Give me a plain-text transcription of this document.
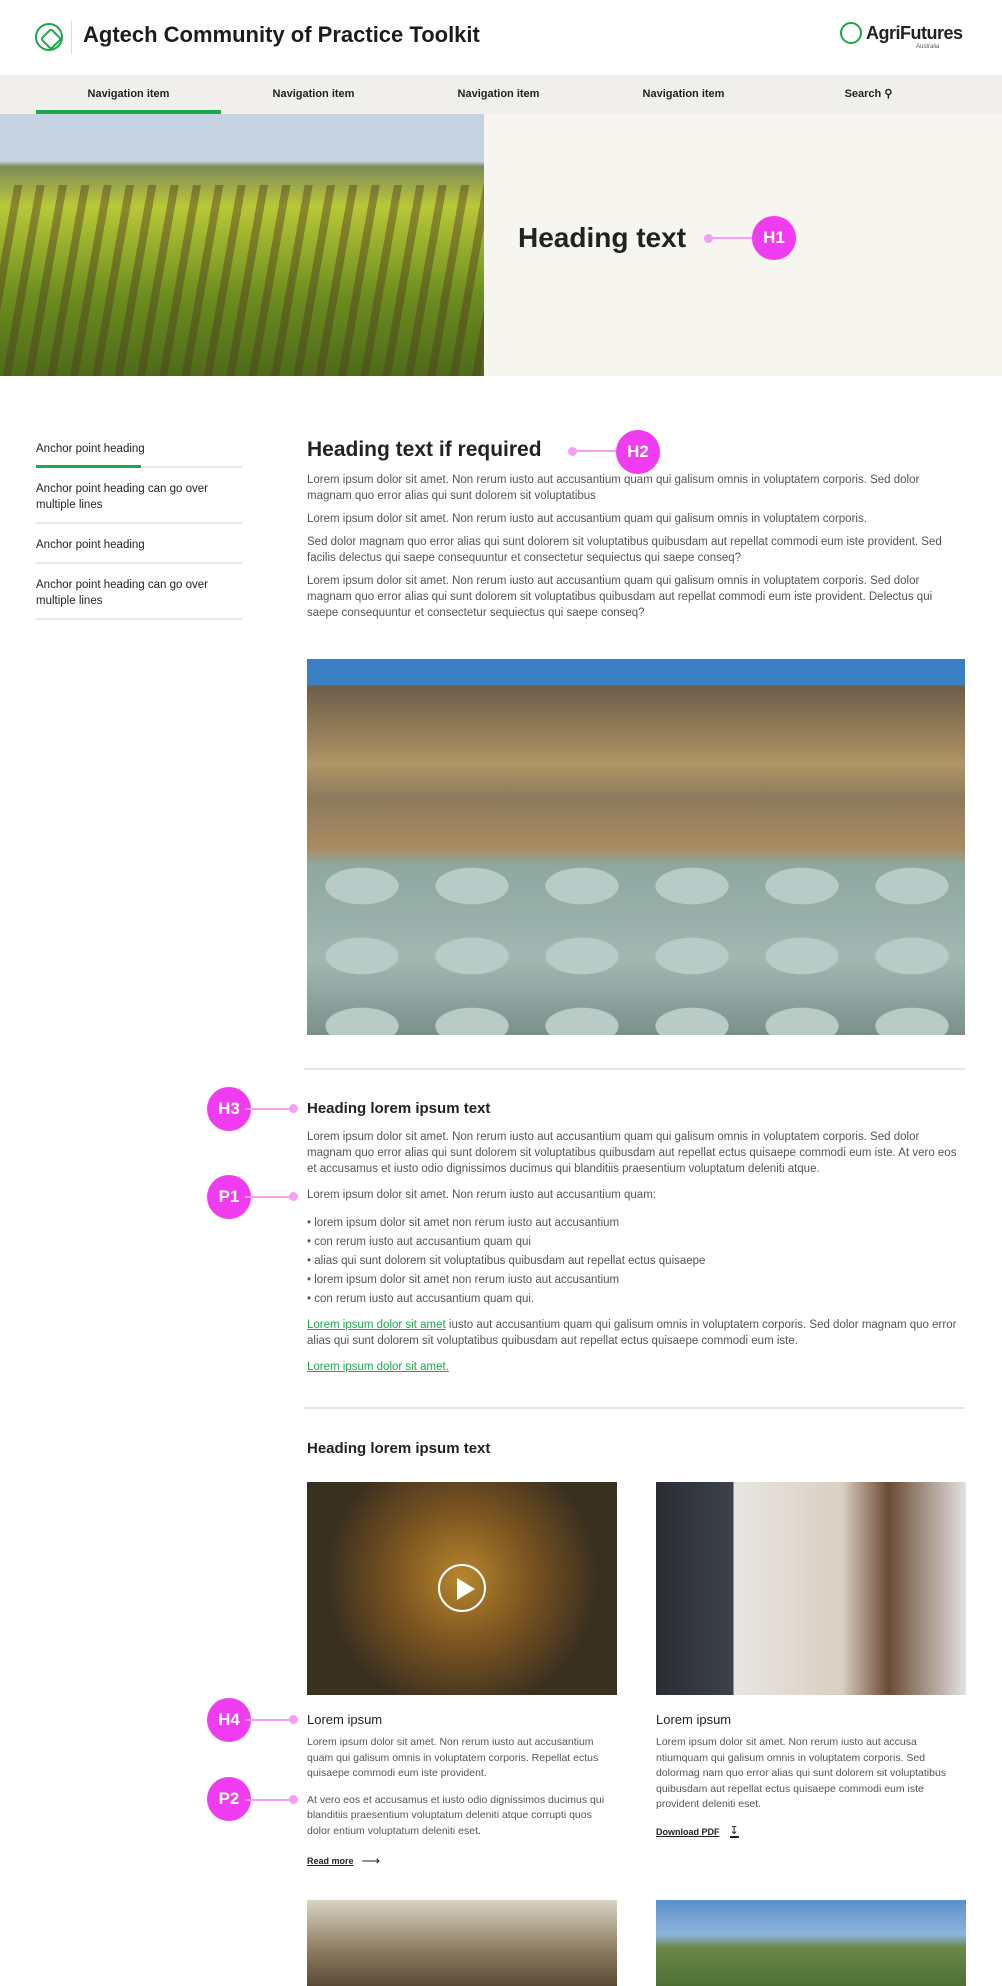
Agtech Community of Practice Toolkit	AgriFutures
Australia
Navigation item	Navigation item	Navigation item	Navigation item	Search ⚲
Heading text	H1
Anchor point heading
Anchor point heading can go over multiple lines
Anchor point heading
Anchor point heading can go over multiple lines
Heading text if required

Lorem ipsum dolor sit amet. Non rerum iusto aut accusantium quam qui galisum omnis in voluptatem corporis. Sed dolor magnam quo error alias qui sunt dolorem sit voluptatibus

Lorem ipsum dolor sit amet. Non rerum iusto aut accusantium quam qui galisum omnis in voluptatem corporis.

Sed dolor magnam quo error alias qui sunt dolorem sit voluptatibus quibusdam aut repellat commodi eum iste provident. Sed facilis delectus qui saepe consequuntur et consectetur sequiectus qui saepe conseq?

Lorem ipsum dolor sit amet. Non rerum iusto aut accusantium quam qui galisum omnis in voluptatem corporis. Sed dolor magnam quo error alias qui sunt dolorem sit voluptatibus quibusdam aut repellat commodi eum iste provident. Delectus qui saepe consequuntur et consectetur sequiectus qui saepe conseq?

H2
H3
P1
Heading lorem ipsum text

Lorem ipsum dolor sit amet. Non rerum iusto aut accusantium quam qui galisum omnis in voluptatem corporis. Sed dolor magnam quo error alias qui sunt dolorem sit voluptatibus quibusdam aut repellat ectus quisaepe commodi eum iste. At vero eos et accusamus et iusto odio dignissimos ducimus qui blanditiis praesentium voluptatum deleniti atque.

Lorem ipsum dolor sit amet. Non rerum iusto aut accusantium quam:

• lorem ipsum dolor sit amet non rerum iusto aut accusantium

• con rerum iusto aut accusantium quam qui

• alias qui sunt dolorem sit voluptatibus quibusdam aut repellat ectus quisaepe

• lorem ipsum dolor sit amet non rerum iusto aut accusantium

• con rerum iusto aut accusantium quam qui.

Lorem ipsum dolor sit amet iusto aut accusantium quam qui galisum omnis in voluptatem corporis. Sed dolor magnam quo error alias qui sunt dolorem sit voluptatibus quibusdam aut repellat ectus quisaepe commodi eum iste.

Lorem ipsum dolor sit amet.

Heading lorem ipsum text
H4
P2
Lorem ipsum

Lorem ipsum dolor sit amet. Non rerum iusto aut accusantium quam qui galisum omnis in voluptatem corporis. Repellat ectus quisaepe commodi eum iste provident.

At vero eos et accusamus et iusto odio dignissimos ducimus qui blanditiis praesentium voluptatum deleniti atque corrupti quos dolor entium voluptatum deleniti eset.

Read more ⟶
Lorem ipsum

Lorem ipsum dolor sit amet. Non rerum iusto aut accusa ntiumquam qui galisum omnis in voluptatem corporis. Sed dolormag nam quo error alias qui sunt dolorem sit voluptatibus quibusdam aut repellat ectus quisaepe commodi eum iste provident deleniti eset.

Download PDF ↧
